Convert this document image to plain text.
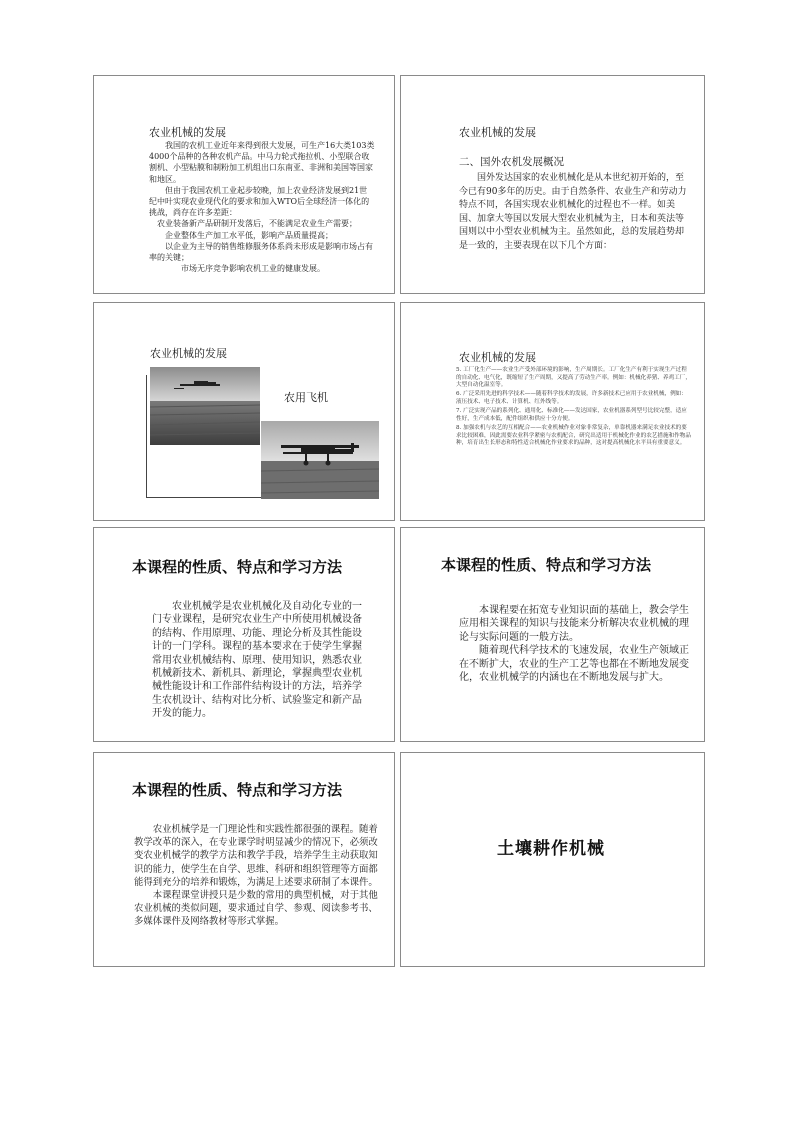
农业机械的发展

我国的农机工业近年来得到很大发展，可生产16大类103类4000个品种的各种农机产品。中马力轮式拖拉机、小型联合收割机、小型粘膜和制粉加工机组出口东南亚、非洲和美国等国家和地区。

但由于我国农机工业起步较晚，加上农业经济发展到21世纪中叶实现农业现代化的要求和加入WTO后全球经济一体化的挑战，尚存在许多差距：

农业装备新产品研制开发落后，不能满足农业生产需要；

企业整体生产加工水平低，影响产品质量提高；

以企业为主导的销售维修服务体系尚未形成是影响市场占有率的关键；

市场无序竞争影响农机工业的健康发展。

农业机械的发展
二、国外农机发展概况

国外发达国家的农业机械化是从本世纪初开始的，至今已有90多年的历史。由于自然条件、农业生产和劳动力特点不同，各国实现农业机械化的过程也不一样。如美国、加拿大等国以发展大型农业机械为主，日本和英法等国则以中小型农业机械为主。虽然如此，总的发展趋势却是一致的，主要表现在以下几个方面：

农业机械的发展
农用飞机
农业机械的发展

5. 工厂化生产——农业生产受外部环境的影响，生产周期长。工厂化生产有利于实现生产过程的自动化、电气化，既缩短了生产周期，又提高了劳动生产率。例如：机械化养猪、养鸡工厂，大型自动化温室等。

6. 广泛采用先进的科学技术——随着科学技术的发展，许多新技术已应用于农业机械，例如：液压技术、电子技术、计算机、红外线等。

7. 广泛实现产品的系列化、通用化、标准化——发达国家，农业机器系列型号比较完整，适应性好，生产成本低，配件组织和供应十分方便。

8. 加强农机与农艺的互相配合——农业机械作业对象非常复杂，单靠机器来满足农业技术的要求比较困难，因此需要农业科学紧密与农机配合，研究出适用于机械化作业的农艺措施和作物品种，培育出生长形态和特性适合机械化作业要求的品种，这对提高机械化水平具有重要意义。

本课程的性质、特点和学习方法

农业机械学是农业机械化及自动化专业的一门专业课程，是研究农业生产中所使用机械设备的结构、作用原理、功能、理论分析及其性能设计的一门学科。课程的基本要求在于使学生掌握常用农业机械结构、原理、使用知识，熟悉农业机械新技术、新机具、新理论，掌握典型农业机械性能设计和工作部件结构设计的方法，培养学生农机设计、结构对比分析、试验鉴定和新产品开发的能力。

本课程的性质、特点和学习方法

本课程要在拓宽专业知识面的基础上，教会学生应用相关课程的知识与技能来分析解决农业机械的理论与实际问题的一般方法。

随着现代科学技术的飞速发展，农业生产领域正在不断扩大，农业的生产工艺等也都在不断地发展变化，农业机械学的内涵也在不断地发展与扩大。

本课程的性质、特点和学习方法

农业机械学是一门理论性和实践性都很强的课程。随着教学改革的深入，在专业课学时明显减少的情况下，必须改变农业机械学的教学方法和教学手段，培养学生主动获取知识的能力，使学生在自学、思维、科研和组织管理等方面都能得到充分的培养和锻炼，为满足上述要求研制了本课件。

本课程课堂讲授只是少数的常用的典型机械，对于其他农业机械的类似问题，要求通过自学、参观、阅读参考书、多媒体课件及网络教材等形式掌握。

土壤耕作机械
